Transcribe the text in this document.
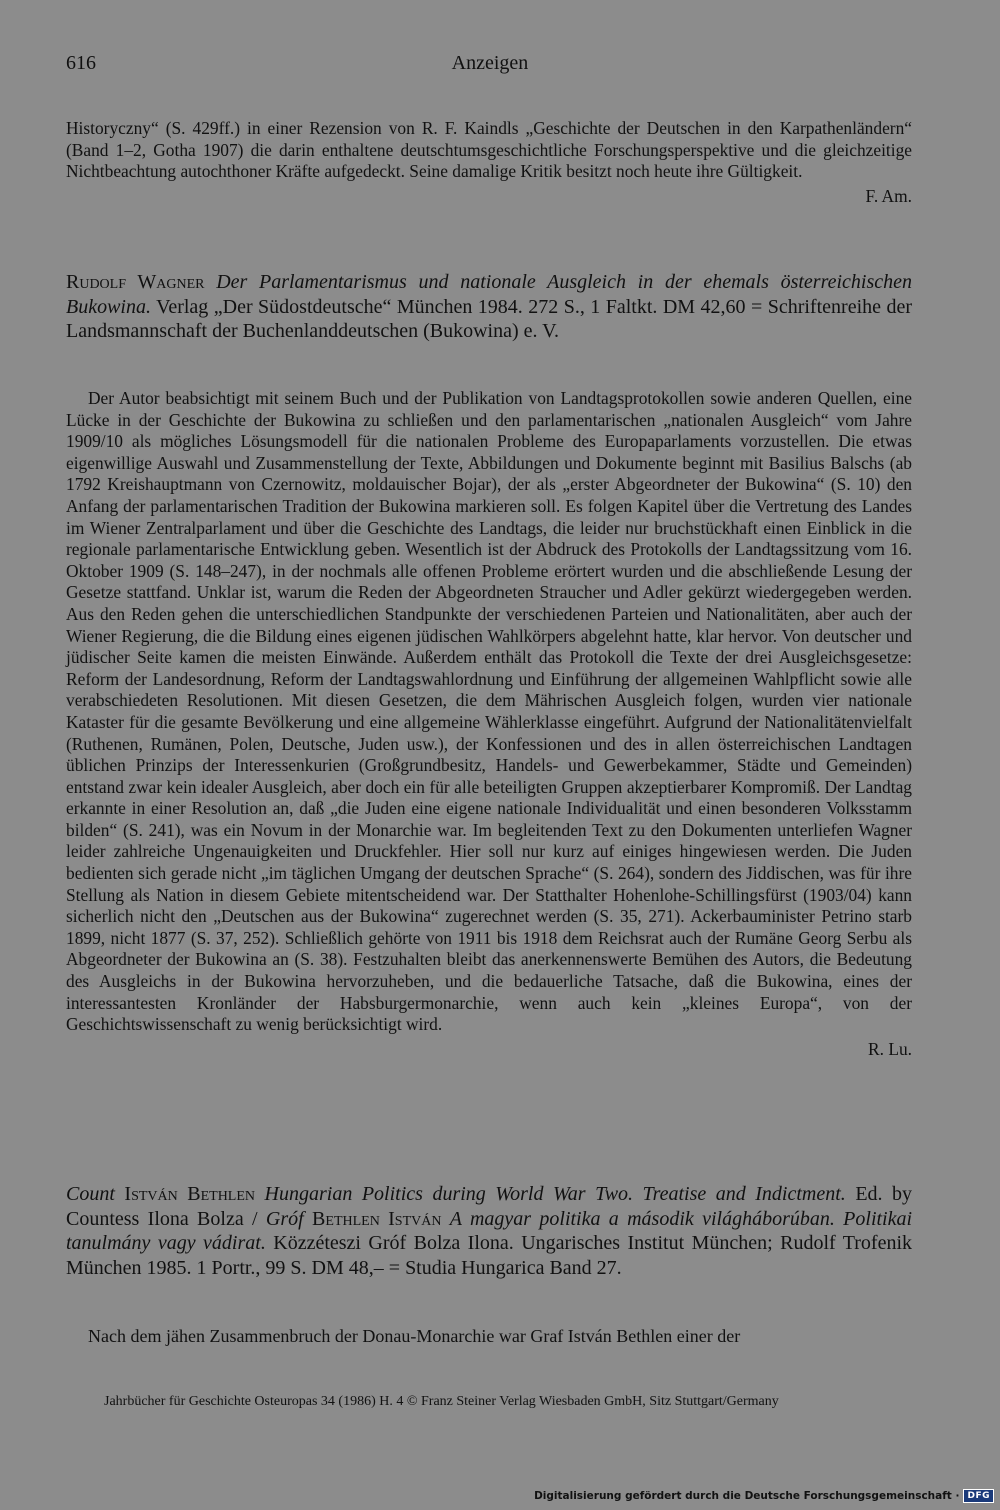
616	Anzeigen

Historyczny“ (S. 429ff.) in einer Rezension von R. F. Kaindls „Geschichte der Deutschen in den Karpathenländern“ (Band 1–2, Gotha 1907) die darin enthaltene deutschtumsgeschichtliche Forschungsperspektive und die gleichzeitige Nichtbeachtung autochthoner Kräfte aufgedeckt. Seine damalige Kritik besitzt noch heute ihre Gültigkeit.

F. Am.

Rudolf Wagner Der Parlamentarismus und nationale Ausgleich in der ehemals österreichischen Bukowina. Verlag „Der Südostdeutsche“ München 1984. 272 S., 1 Faltkt. DM 42,60 = Schriftenreihe der Landsmannschaft der Buchenlanddeutschen (Bukowina) e. V.

Der Autor beabsichtigt mit seinem Buch und der Publikation von Landtagsprotokollen sowie anderen Quellen, eine Lücke in der Geschichte der Bukowina zu schließen und den parlamentarischen „nationalen Ausgleich“ vom Jahre 1909/10 als mögliches Lösungsmodell für die nationalen Probleme des Europaparlaments vorzustellen. Die etwas eigenwillige Auswahl und Zusammenstellung der Texte, Abbildungen und Dokumente beginnt mit Basilius Balschs (ab 1792 Kreishauptmann von Czernowitz, moldauischer Bojar), der als „erster Abgeordneter der Bukowina“ (S. 10) den Anfang der parlamentarischen Tradition der Bukowina markieren soll. Es folgen Kapitel über die Vertretung des Landes im Wiener Zentralparlament und über die Geschichte des Landtags, die leider nur bruchstückhaft einen Einblick in die regionale parlamentarische Entwicklung geben. Wesentlich ist der Abdruck des Protokolls der Landtagssitzung vom 16. Oktober 1909 (S. 148–247), in der nochmals alle offenen Probleme erörtert wurden und die abschließende Lesung der Gesetze stattfand. Unklar ist, warum die Reden der Abgeordneten Straucher und Adler gekürzt wiedergegeben werden. Aus den Reden gehen die unterschiedlichen Standpunkte der verschiedenen Parteien und Nationalitäten, aber auch der Wiener Regierung, die die Bildung eines eigenen jüdischen Wahlkörpers abgelehnt hatte, klar hervor. Von deutscher und jüdischer Seite kamen die meisten Einwände. Außerdem enthält das Protokoll die Texte der drei Ausgleichsgesetze: Reform der Landesordnung, Reform der Landtagswahlordnung und Einführung der allgemeinen Wahlpflicht sowie alle verabschiedeten Resolutionen. Mit diesen Gesetzen, die dem Mährischen Ausgleich folgen, wurden vier nationale Kataster für die gesamte Bevölkerung und eine allgemeine Wählerklasse eingeführt. Aufgrund der Nationalitätenvielfalt (Ruthenen, Rumänen, Polen, Deutsche, Juden usw.), der Konfessionen und des in allen österreichischen Landtagen üblichen Prinzips der Interessenkurien (Großgrundbesitz, Handels- und Gewerbekammer, Städte und Gemeinden) entstand zwar kein idealer Ausgleich, aber doch ein für alle beteiligten Gruppen akzeptierbarer Kompromiß. Der Landtag erkannte in einer Resolution an, daß „die Juden eine eigene nationale Individualität und einen besonderen Volksstamm bilden“ (S. 241), was ein Novum in der Monarchie war. Im begleitenden Text zu den Dokumenten unterliefen Wagner leider zahlreiche Ungenauigkeiten und Druckfehler. Hier soll nur kurz auf einiges hingewiesen werden. Die Juden bedienten sich gerade nicht „im täglichen Umgang der deutschen Sprache“ (S. 264), sondern des Jiddischen, was für ihre Stellung als Nation in diesem Gebiete mitentscheidend war. Der Statthalter Hohenlohe-Schillingsfürst (1903/04) kann sicherlich nicht den „Deutschen aus der Bukowina“ zugerechnet werden (S. 35, 271). Ackerbauminister Petrino starb 1899, nicht 1877 (S. 37, 252). Schließlich gehörte von 1911 bis 1918 dem Reichsrat auch der Rumäne Georg Serbu als Abgeordneter der Bukowina an (S. 38). Festzuhalten bleibt das anerkennenswerte Bemühen des Autors, die Bedeutung des Ausgleichs in der Bukowina hervorzuheben, und die bedauerliche Tatsache, daß die Bukowina, eines der interessantesten Kronländer der Habsburgermonarchie, wenn auch kein „kleines Europa“, von der Geschichtswissenschaft zu wenig berücksichtigt wird.

R. Lu.

Count István Bethlen Hungarian Politics during World War Two. Treatise and Indictment. Ed. by Countess Ilona Bolza / Gróf Bethlen István A magyar politika a második világháborúban. Politikai tanulmány vagy vádirat. Közzéteszi Gróf Bolza Ilona. Ungarisches Institut München; Rudolf Trofenik München 1985. 1 Portr., 99 S. DM 48,– = Studia Hungarica Band 27.

Nach dem jähen Zusammenbruch der Donau-Monarchie war Graf István Bethlen einer der

Jahrbücher für Geschichte Osteuropas 34 (1986) H. 4 © Franz Steiner Verlag Wiesbaden GmbH, Sitz Stuttgart/Germany
Digitalisierung gefördert durch die Deutsche Forschungsgemeinschaft · DFG
